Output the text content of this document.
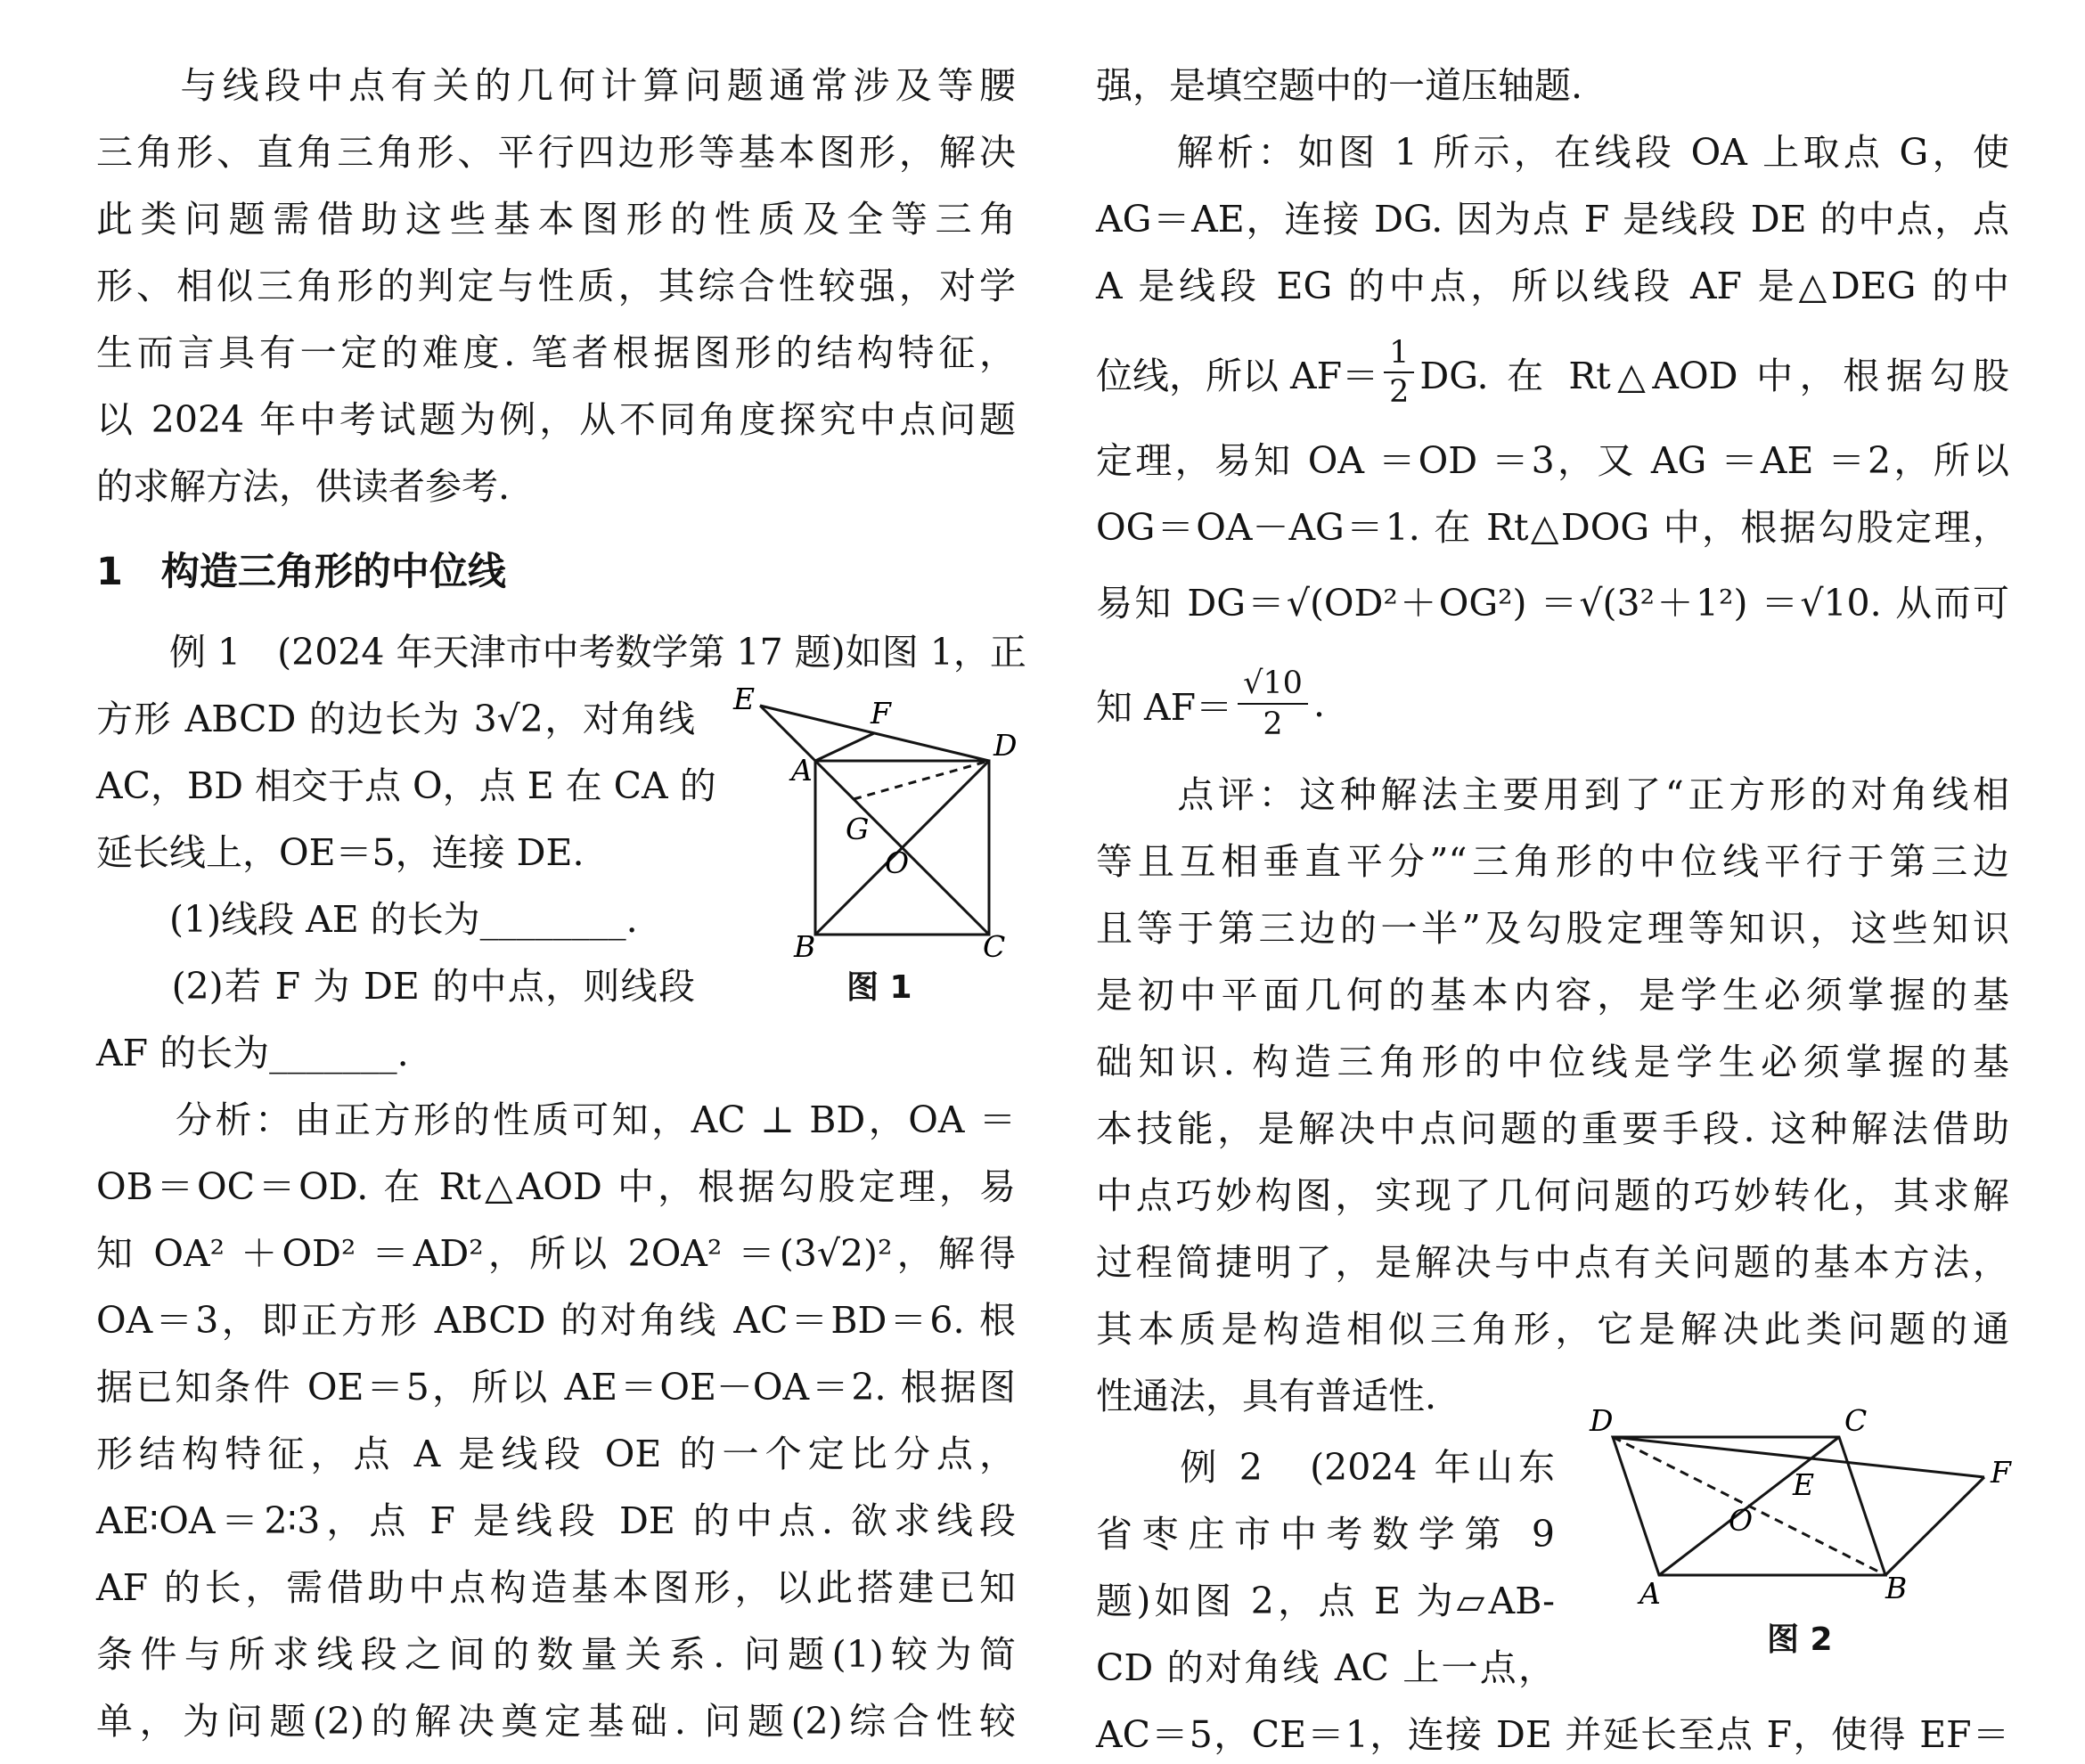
　　与线段中点有关的几何计算问题通常涉及等腰
三角形、直角三角形、平行四边形等基本图形，解决
此类问题需借助这些基本图形的性质及全等三角
形、相似三角形的判定与性质，其综合性较强，对学
生而言具有一定的难度. 笔者根据图形的结构特征，
以 2024 年中考试题为例，从不同角度探究中点问题
的求解方法，供读者参考.
1　构造三角形的中位线
　　例 1　(2024 年天津市中考数学第 17 题)如图 1，正
方形 ABCD 的边长为 3√2，对角线
AC，BD 相交于点 O，点 E 在 CA 的
延长线上，OE＝5，连接 DE.
　　(1)线段 AE 的长为________.
　　(2)若 F 为 DE 的中点，则线段
AF 的长为_______.
　　分析：由正方形的性质可知，AC ⊥ BD，OA ＝
OB＝OC＝OD. 在 Rt△AOD 中，根据勾股定理，易
知 OA² ＋OD² ＝AD²，所以 2OA² ＝(3√2)²，解得
OA＝3，即正方形 ABCD 的对角线 AC＝BD＝6. 根
据已知条件 OE＝5，所以 AE＝OE－OA＝2. 根据图
形结构特征，点 A 是线段 OE 的一个定比分点，
AE∶OA＝2∶3，点 F 是线段 DE 的中点. 欲求线段
AF 的长，需借助中点构造基本图形，以此搭建已知
条件与所求线段之间的数量关系. 问题(1)较为简
单，为问题(2)的解决奠定基础. 问题(2)综合性较
E	F
A
D
G
O
B	C
图 1
强，是填空题中的一道压轴题.
　　解析：如图 1 所示，在线段 OA 上取点 G，使
AG＝AE，连接 DG. 因为点 F 是线段 DE 的中点，点
A 是线段 EG 的中点，所以线段 AF 是△DEG 的中
位线，所以 $AF= \frac{1}{2}$ DG. 在 Rt△AOD 中，根据勾股
定理，易知 OA ＝OD ＝3，又 AG ＝AE ＝2，所以
OG＝OA－AG＝1. 在 Rt△DOG 中，根据勾股定理，
易知 DG＝√(OD²＋OG²) ＝√(3²＋1²) ＝√10. 从而可
知 $AF= \frac{√10}{2}$ .
　　点评：这种解法主要用到了“正方形的对角线相
等且互相垂直平分”“三角形的中位线平行于第三边
且等于第三边的一半”及勾股定理等知识，这些知识
是初中平面几何的基本内容，是学生必须掌握的基
础知识. 构造三角形的中位线是学生必须掌握的基
本技能，是解决中点问题的重要手段. 这种解法借助
中点巧妙构图，实现了几何问题的巧妙转化，其求解
过程简捷明了，是解决与中点有关问题的基本方法，
其本质是构造相似三角形，它是解决此类问题的通
性通法，具有普适性.
　　例 2　(2024 年山东
省枣庄市中考数学第 9
题)如图 2，点 E 为▱AB-
CD 的对角线 AC 上一点，
AC＝5，CE＝1，连接 DE 并延长至点 F，使得 EF＝
D	C
E	F
O
A	B
图 2
